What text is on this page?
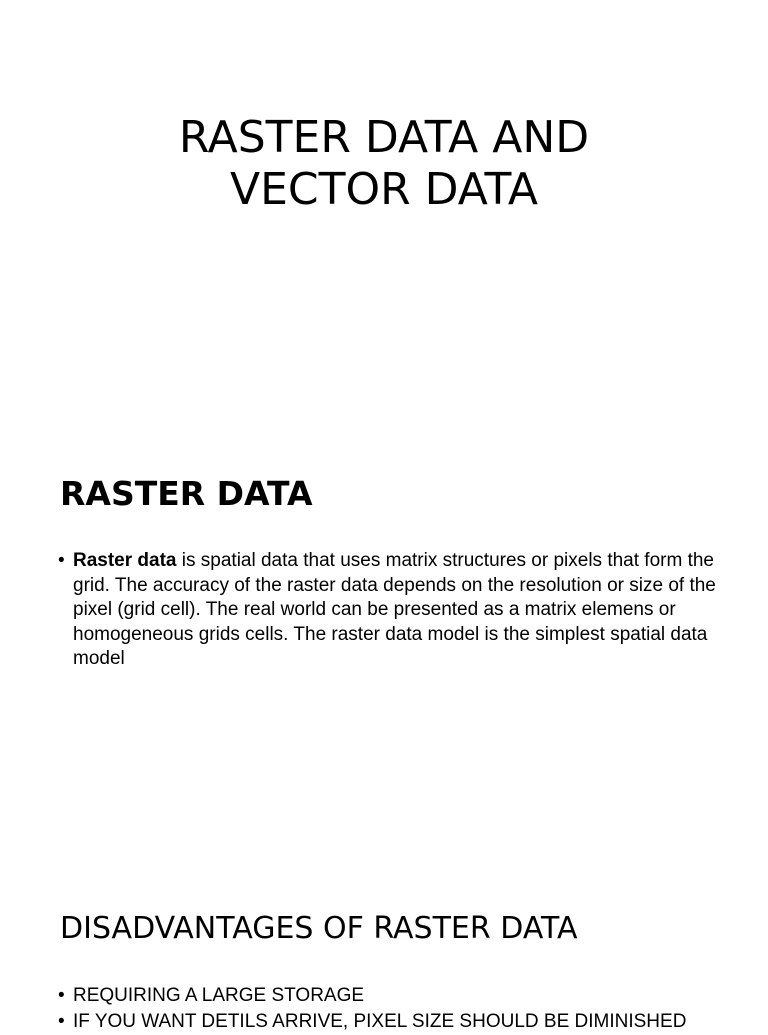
RASTER DATA AND
VECTOR DATA
RASTER DATA
• Raster data is spatial data that uses matrix structures or pixels that form the grid. The accuracy of the raster data depends on the resolution or size of the pixel (grid cell). The real world can be presented as a matrix elemens or homogeneous grids cells. The raster data model is the simplest spatial data model
DISADVANTAGES OF RASTER DATA
• REQUIRING A LARGE STORAGE
• IF YOU WANT DETILS ARRIVE, PIXEL SIZE SHOULD BE DIMINISHED
